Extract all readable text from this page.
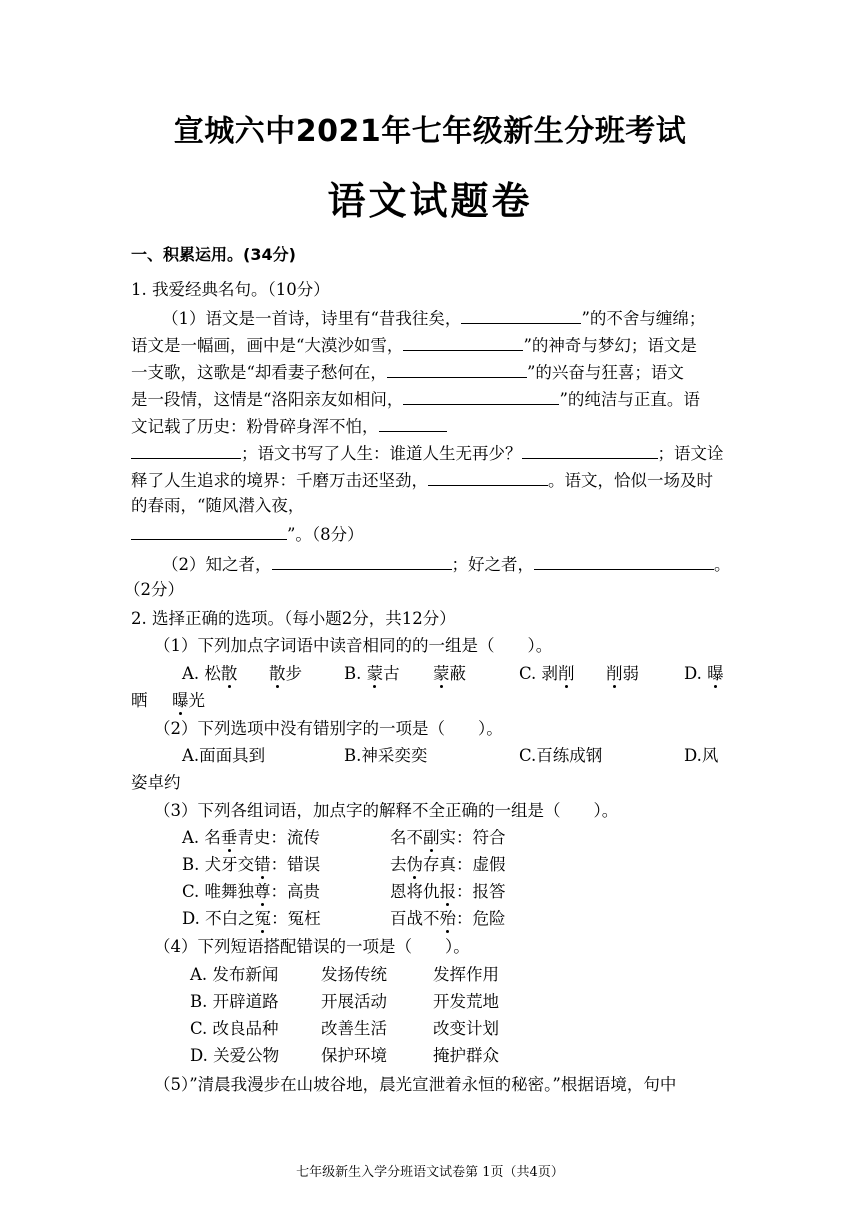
宣城六中2021年七年级新生分班考试
语文试题卷
一、积累运用。(34分)
1. 我爱经典名句。（10分）
（1）语文是一首诗，诗里有“昔我往矣，	”的不舍与缠绵；
语文是一幅画，画中是“大漠沙如雪，	”的神奇与梦幻；语文是
一支歌，这歌是“却看妻子愁何在，	”的兴奋与狂喜；语文
是一段情，这情是“洛阳亲友如相问，	”的纯洁与正直。语
文记载了历史：粉骨碎身浑不怕，
；语文书写了人生：谁道人生无再少？	；语文诠
释了人生追求的境界：千磨万击还坚劲，	。语文，恰似一场及时
的春雨，“随风潜入夜，
”。（8分）
（2）知之者，	；好之者，	。
（2分）
2. 选择正确的选项。（每小题2分，共12分）
（1）下列加点字词语中读音相同的的一组是（　　）。
A. 松散 散步	B. 蒙古 蒙蔽	C. 剥削 削弱	D. 曝
晒 曝光
（2）下列选项中没有错别字的一项是（　　）。
A.面面具到	B.神采奕奕	C.百练成钢	D.风
姿卓约
（3）下列各组词语，加点字的解释不全正确的一组是（　　）。
A. 名垂青史：流传	名不副实：符合
B. 犬牙交错：错误	去伪存真：虚假
C. 唯舞独尊：高贵	恩将仇报：报答
D. 不白之冤：冤枉	百战不殆：危险
（4）下列短语搭配错误的一项是（　　）。
A. 发布新闻	发扬传统	发挥作用
B. 开辟道路	开展活动	开发荒地
C. 改良品种	改善生活	改变计划
D. 关爱公物	保护环境	掩护群众
（5）”清晨我漫步在山坡谷地，晨光宣泄着永恒的秘密。”根据语境，句中
七年级新生入学分班语文试卷第 1页（共4页）
